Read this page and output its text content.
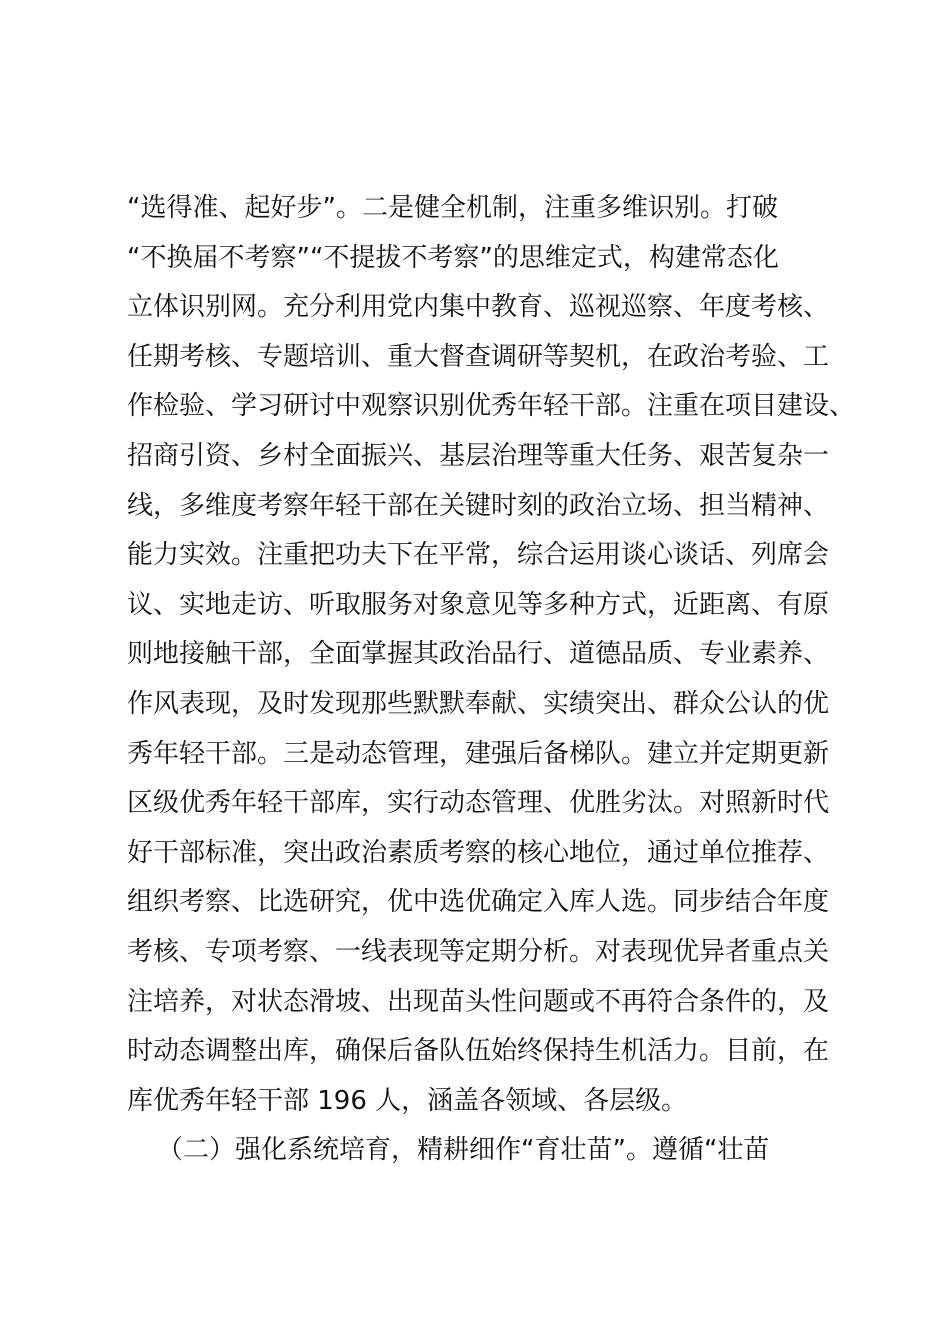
“选得准、起好步”。二是健全机制，注重多维识别。打破
“不换届不考察”“不提拔不考察”的思维定式，构建常态化
立体识别网。充分利用党内集中教育、巡视巡察、年度考核、
任期考核、专题培训、重大督查调研等契机，在政治考验、工
作检验、学习研讨中观察识别优秀年轻干部。注重在项目建设、
招商引资、乡村全面振兴、基层治理等重大任务、艰苦复杂一
线，多维度考察年轻干部在关键时刻的政治立场、担当精神、
能力实效。注重把功夫下在平常，综合运用谈心谈话、列席会
议、实地走访、听取服务对象意见等多种方式，近距离、有原
则地接触干部，全面掌握其政治品行、道德品质、专业素养、
作风表现，及时发现那些默默奉献、实绩突出、群众公认的优
秀年轻干部。三是动态管理，建强后备梯队。建立并定期更新
区级优秀年轻干部库，实行动态管理、优胜劣汰。对照新时代
好干部标准，突出政治素质考察的核心地位，通过单位推荐、
组织考察、比选研究，优中选优确定入库人选。同步结合年度
考核、专项考察、一线表现等定期分析。对表现优异者重点关
注培养，对状态滑坡、出现苗头性问题或不再符合条件的，及
时动态调整出库，确保后备队伍始终保持生机活力。目前，在
库优秀年轻干部 196 人，涵盖各领域、各层级。
（二）强化系统培育，精耕细作“育壮苗”。遵循“壮苗
